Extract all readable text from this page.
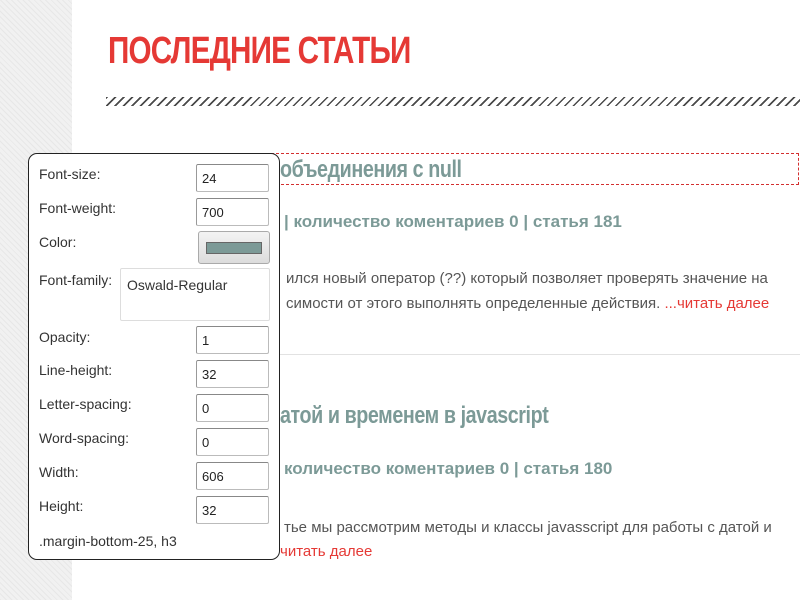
ПОСЛЕДНИЕ СТАТЬИ
объединения с null
| количество коментариев 0 | статья 181
ился новый оператор (??) который позволяет проверять значение на
симости от этого выполнять определенные действия. ...читать далее
атой и временем в javascript
количество коментариев 0 | статья 180
тье мы рассмотрим методы и классы javasscript для работы с датой и
читать далее
Font-size:
24
Font-weight:
700
Color:
Font-family:	Oswald-Regular
Opacity:
1
Line-height:
32
Letter-spacing:
0
Word-spacing:
0
Width:
606
Height:
32
.margin-bottom-25, h3
